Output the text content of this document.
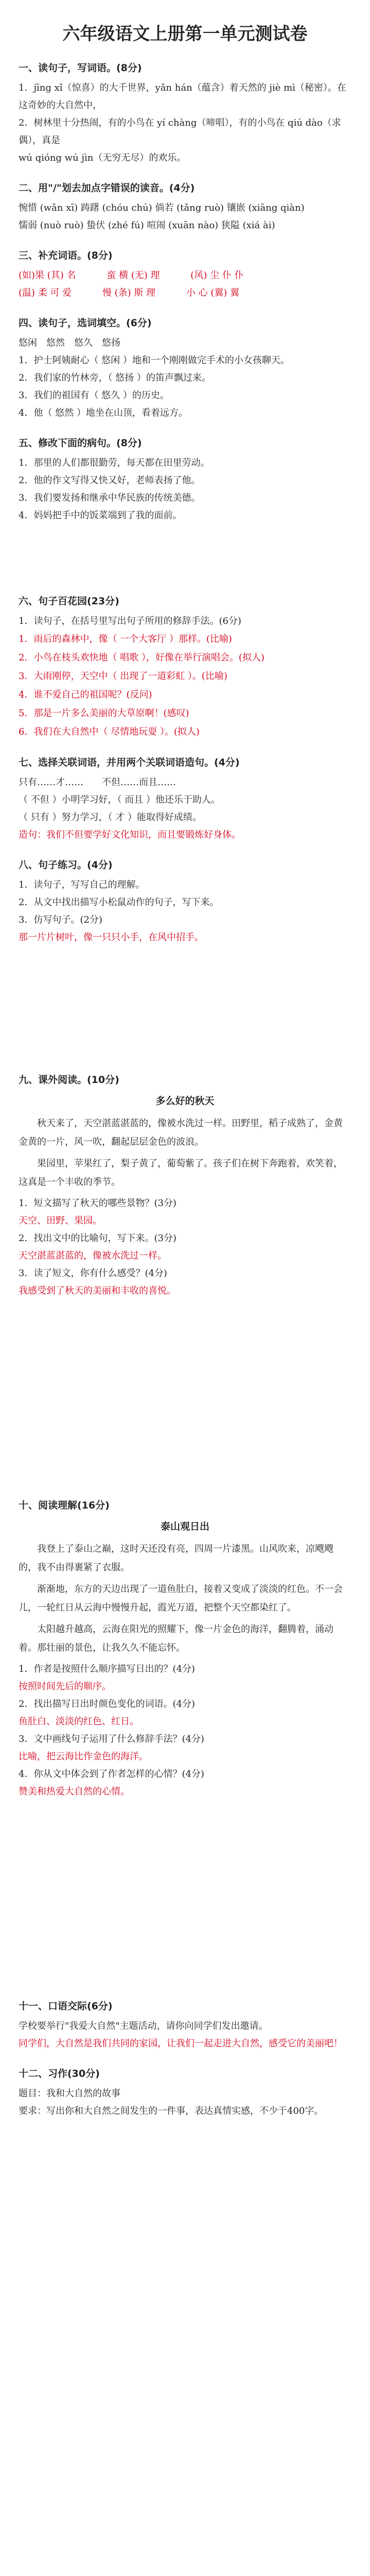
六年级语文上册第一单元测试卷
一、读句子，写词语。(8分)

1．jīng xǐ（惊喜）的大千世界，yǎn hán（蕴含）着天然的 jiè mì（秘密）。在这奇妙的大自然中，

2．树林里十分热闹，有的小鸟在 yí chàng（啼唱），有的小鸟在 qiú dào（求偶），真是

wú qióng wú jìn（无穷无尽）的欢乐。

二、用"/"划去加点字错误的读音。(4分)

惋惜 (wǎn xī) 踌躇 (chóu chú) 倘若 (tǎng ruò) 镶嵌 (xiāng qiàn)

懦弱 (nuò ruò) 蛰伏 (zhé fú) 喧闹 (xuān nào) 狭隘 (xiá ài)

三、补充词语。(8分)

(如)果 (其) 名　　　 蛮 横 (无) 理　　　 (风) 尘 仆 仆

(温) 柔 可 爱　　　 慢 (条) 斯 理　　　 小 心 (翼) 翼

四、读句子，选词填空。(6分)

悠闲　悠然　悠久　悠扬

1．护士阿姨耐心（ 悠闲 ）地和一个刚刚做完手术的小女孩聊天。

2．我们家的竹林旁，（ 悠扬 ）的笛声飘过来。

3．我们的祖国有（ 悠久 ）的历史。

4．他（ 悠然 ）地坐在山顶，看着远方。

五、修改下面的病句。(8分)

1．那里的人们都很勤劳，每天都在田里劳动。

2．他的作文写得又快又好，老师表扬了他。

3．我们要发扬和继承中华民族的传统美德。

4．妈妈把手中的饭菜端到了我的面前。

六、句子百花园(23分)

1．读句子，在括号里写出句子所用的修辞手法。(6分)

1．雨后的森林中，像（ 一个大客厅 ）那样。(比喻)

2．小鸟在枝头欢快地（ 唱歌 ），好像在举行演唱会。(拟人)

3．大雨刚停，天空中（ 出现了一道彩虹 ）。(比喻)

4．谁不爱自己的祖国呢？(反问)

5．那是一片多么美丽的大草原啊！(感叹)

6．我们在大自然中（ 尽情地玩耍 ）。(拟人)

七、选择关联词语，并用两个关联词语造句。(4分)

只有……才……　　不但……而且……

（ 不但 ）小明学习好，（ 而且 ）他还乐于助人。

（ 只有 ）努力学习，（ 才 ）能取得好成绩。

造句：我们不但要学好文化知识，而且要锻炼好身体。

八、句子练习。(4分)

1．读句子，写写自己的理解。

2．从文中找出描写小松鼠动作的句子，写下来。

3．仿写句子。(2分)

那一片片树叶，像一只只小手，在风中招手。

九、课外阅读。(10分)
多么好的秋天

秋天来了，天空湛蓝湛蓝的，像被水洗过一样。田野里，稻子成熟了，金黄金黄的一片，风一吹，翻起层层金色的波浪。

果园里，苹果红了，梨子黄了，葡萄紫了。孩子们在树下奔跑着，欢笑着，这真是一个丰收的季节。

1．短文描写了秋天的哪些景物？(3分)

天空、田野、果园。

2．找出文中的比喻句，写下来。(3分)

天空湛蓝湛蓝的，像被水洗过一样。

3．读了短文，你有什么感受？(4分)

我感受到了秋天的美丽和丰收的喜悦。

十、阅读理解(16分)
泰山观日出

我登上了泰山之巅，这时天还没有亮，四周一片漆黑。山风吹来，凉飕飕的，我不由得裹紧了衣服。

渐渐地，东方的天边出现了一道鱼肚白，接着又变成了淡淡的红色。不一会儿，一轮红日从云海中慢慢升起，霞光万道，把整个天空都染红了。

太阳越升越高，云海在阳光的照耀下，像一片金色的海洋，翻腾着，涌动着。那壮丽的景色，让我久久不能忘怀。

1．作者是按照什么顺序描写日出的？(4分)

按照时间先后的顺序。

2．找出描写日出时颜色变化的词语。(4分)

鱼肚白、淡淡的红色、红日。

3．文中画线句子运用了什么修辞手法？(4分)

比喻，把云海比作金色的海洋。

4．你从文中体会到了作者怎样的心情？(4分)

赞美和热爱大自然的心情。

十一、口语交际(6分)

学校要举行"我爱大自然"主题活动，请你向同学们发出邀请。

同学们，大自然是我们共同的家园，让我们一起走进大自然，感受它的美丽吧！

十二、习作(30分)

题目：我和大自然的故事

要求：写出你和大自然之间发生的一件事，表达真情实感，不少于400字。
